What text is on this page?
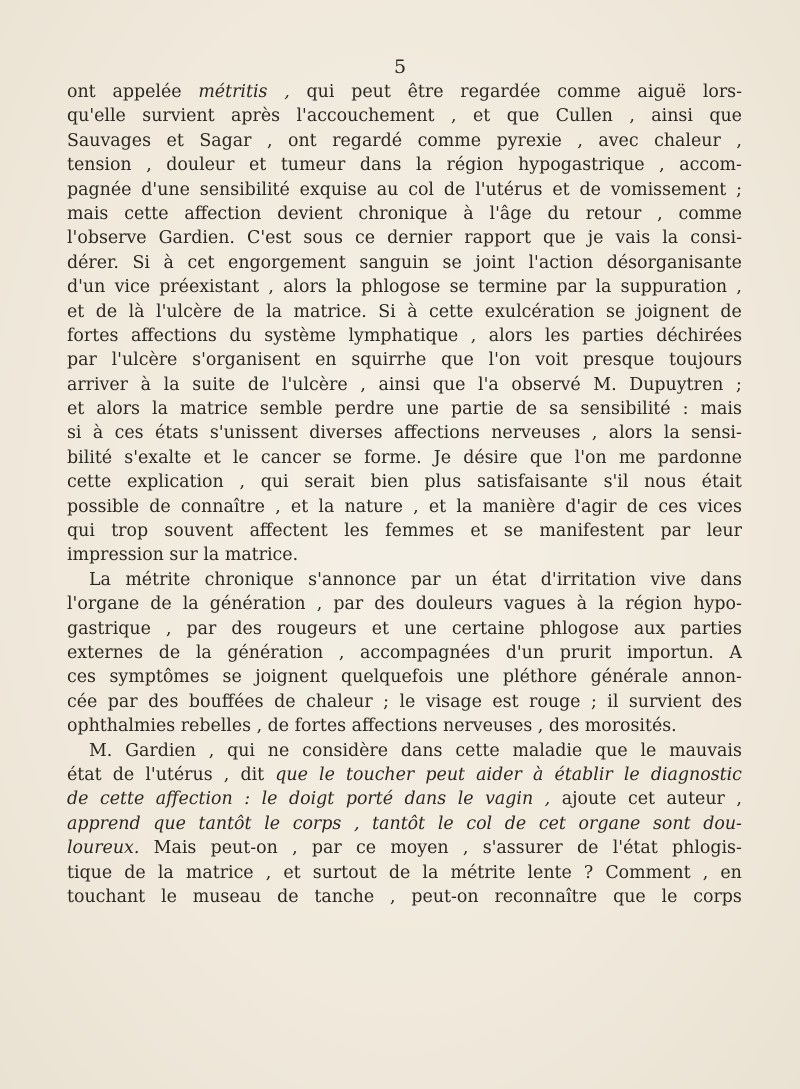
5
ont appelée métritis , qui peut être regardée comme aiguë lors-
qu'elle survient après l'accouchement , et que Cullen , ainsi que
Sauvages et Sagar , ont regardé comme pyrexie , avec chaleur ,
tension , douleur et tumeur dans la région hypogastrique , accom-
pagnée d'une sensibilité exquise au col de l'utérus et de vomissement ;
mais cette affection devient chronique à l'âge du retour , comme
l'observe Gardien. C'est sous ce dernier rapport que je vais la consi-
dérer. Si à cet engorgement sanguin se joint l'action désorganisante
d'un vice préexistant , alors la phlogose se termine par la suppuration ,
et de là l'ulcère de la matrice. Si à cette exulcération se joignent de
fortes affections du système lymphatique , alors les parties déchirées
par l'ulcère s'organisent en squirrhe que l'on voit presque toujours
arriver à la suite de l'ulcère , ainsi que l'a observé M. Dupuytren ;
et alors la matrice semble perdre une partie de sa sensibilité : mais
si à ces états s'unissent diverses affections nerveuses , alors la sensi-
bilité s'exalte et le cancer se forme. Je désire que l'on me pardonne
cette explication , qui serait bien plus satisfaisante s'il nous était
possible de connaître , et la nature , et la manière d'agir de ces vices
qui trop souvent affectent les femmes et se manifestent par leur
impression sur la matrice.
La métrite chronique s'annonce par un état d'irritation vive dans
l'organe de la génération , par des douleurs vagues à la région hypo-
gastrique , par des rougeurs et une certaine phlogose aux parties
externes de la génération , accompagnées d'un prurit importun. A
ces symptômes se joignent quelquefois une pléthore générale annon-
cée par des bouffées de chaleur ; le visage est rouge ; il survient des
ophthalmies rebelles , de fortes affections nerveuses , des morosités.
M. Gardien , qui ne considère dans cette maladie que le mauvais
état de l'utérus , dit que le toucher peut aider à établir le diagnostic
de cette affection : le doigt porté dans le vagin , ajoute cet auteur ,
apprend que tantôt le corps , tantôt le col de cet organe sont dou-
loureux. Mais peut-on , par ce moyen , s'assurer de l'état phlogis-
tique de la matrice , et surtout de la métrite lente ? Comment , en
touchant le museau de tanche , peut-on reconnaître que le corps
